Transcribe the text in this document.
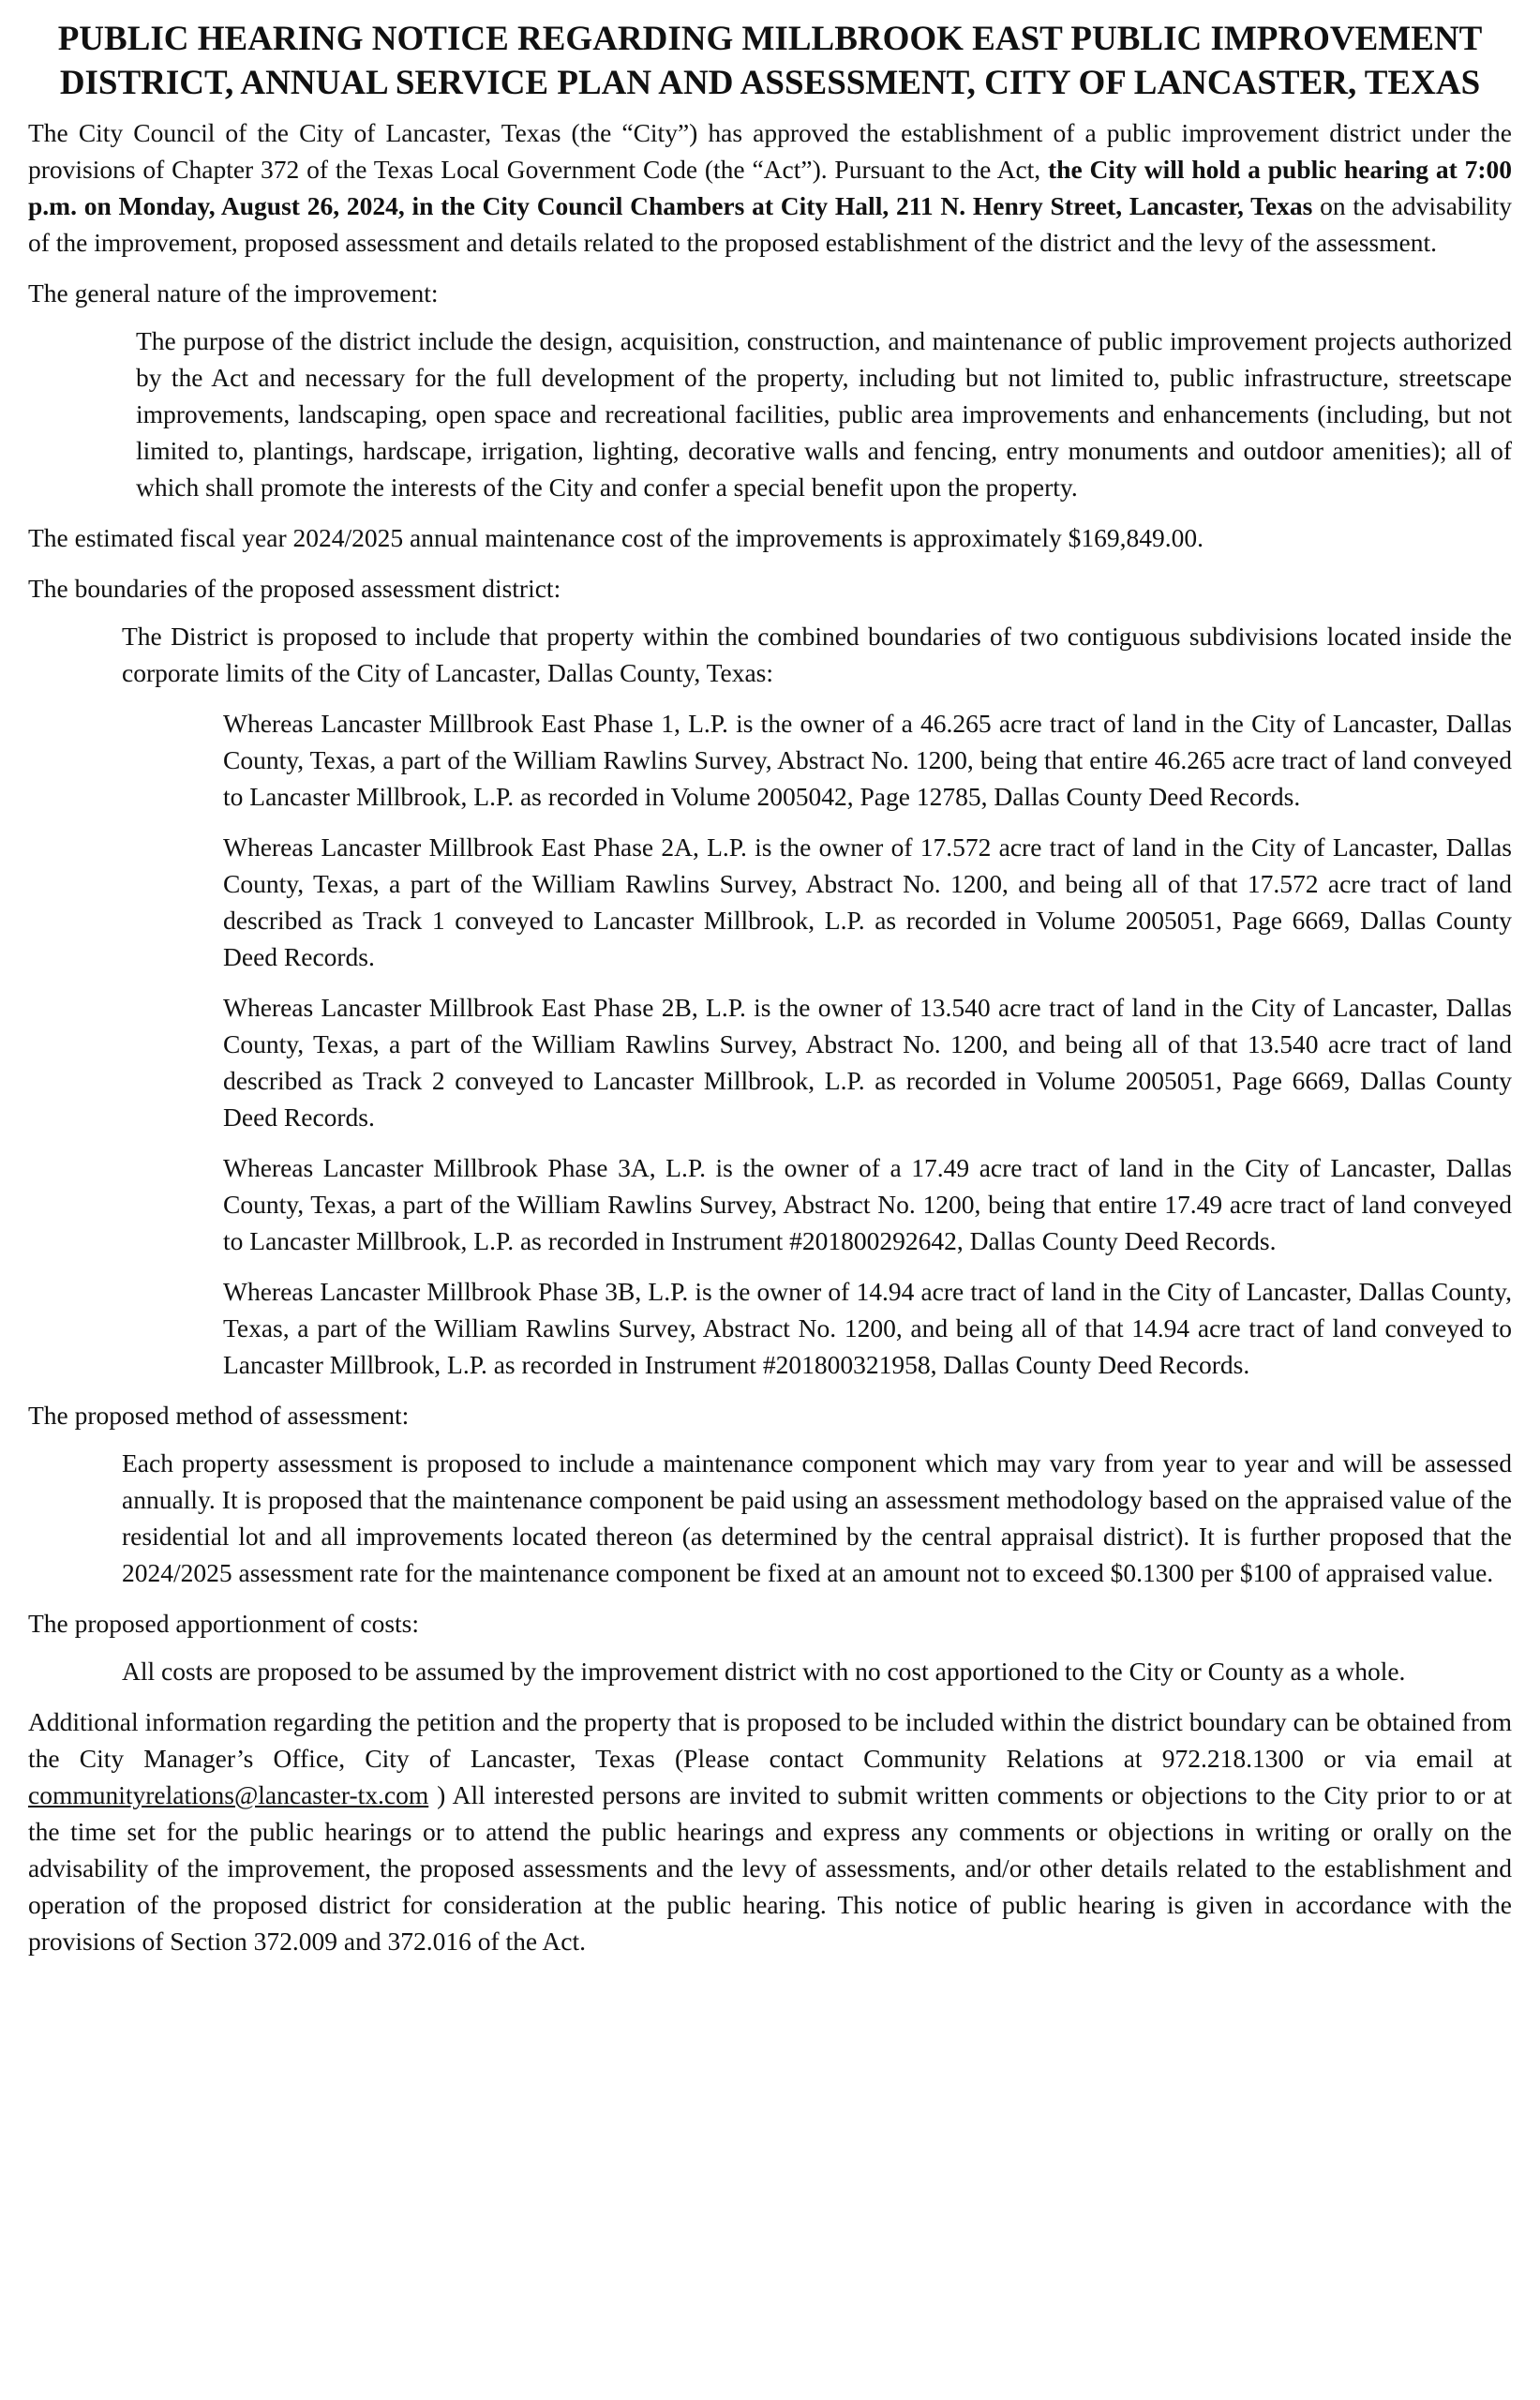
PUBLIC HEARING NOTICE REGARDING MILLBROOK EAST PUBLIC IMPROVEMENT
DISTRICT, ANNUAL SERVICE PLAN AND ASSESSMENT, CITY OF LANCASTER, TEXAS

The City Council of the City of Lancaster, Texas (the “City”) has approved the establishment of a public improvement district under the provisions of Chapter 372 of the Texas Local Government Code (the “Act”). Pursuant to the Act, the City will hold a public hearing at 7:00 p.m. on Monday, August 26, 2024, in the City Council Chambers at City Hall, 211 N. Henry Street, Lancaster, Texas on the advisability of the improvement, proposed assessment and details related to the proposed establishment of the district and the levy of the assessment.

The general nature of the improvement:

The purpose of the district include the design, acquisition, construction, and maintenance of public improvement projects authorized by the Act and necessary for the full development of the property, including but not limited to, public infrastructure, streetscape improvements, landscaping, open space and recreational facilities, public area improvements and enhancements (including, but not limited to, plantings, hardscape, irrigation, lighting, decorative walls and fencing, entry monuments and outdoor amenities); all of which shall promote the interests of the City and confer a special benefit upon the property.

The estimated fiscal year 2024/2025 annual maintenance cost of the improvements is approximately $169,849.00.

The boundaries of the proposed assessment district:

The District is proposed to include that property within the combined boundaries of two contiguous subdivisions located inside the corporate limits of the City of Lancaster, Dallas County, Texas:

Whereas Lancaster Millbrook East Phase 1, L.P. is the owner of a 46.265 acre tract of land in the City of Lancaster, Dallas County, Texas, a part of the William Rawlins Survey, Abstract No. 1200, being that entire 46.265 acre tract of land conveyed to Lancaster Millbrook, L.P. as recorded in Volume 2005042, Page 12785, Dallas County Deed Records.

Whereas Lancaster Millbrook East Phase 2A, L.P. is the owner of 17.572 acre tract of land in the City of Lancaster, Dallas County, Texas, a part of the William Rawlins Survey, Abstract No. 1200, and being all of that 17.572 acre tract of land described as Track 1 conveyed to Lancaster Millbrook, L.P. as recorded in Volume 2005051, Page 6669, Dallas County Deed Records.

Whereas Lancaster Millbrook East Phase 2B, L.P. is the owner of 13.540 acre tract of land in the City of Lancaster, Dallas County, Texas, a part of the William Rawlins Survey, Abstract No. 1200, and being all of that 13.540 acre tract of land described as Track 2 conveyed to Lancaster Millbrook, L.P. as recorded in Volume 2005051, Page 6669, Dallas County Deed Records.

Whereas Lancaster Millbrook Phase 3A, L.P. is the owner of a 17.49 acre tract of land in the City of Lancaster, Dallas County, Texas, a part of the William Rawlins Survey, Abstract No. 1200, being that entire 17.49 acre tract of land conveyed to Lancaster Millbrook, L.P. as recorded in Instrument #201800292642, Dallas County Deed Records.

Whereas Lancaster Millbrook Phase 3B, L.P. is the owner of 14.94 acre tract of land in the City of Lancaster, Dallas County, Texas, a part of the William Rawlins Survey, Abstract No. 1200, and being all of that 14.94 acre tract of land conveyed to Lancaster Millbrook, L.P. as recorded in Instrument #201800321958, Dallas County Deed Records.

The proposed method of assessment:

Each property assessment is proposed to include a maintenance component which may vary from year to year and will be assessed annually. It is proposed that the maintenance component be paid using an assessment methodology based on the appraised value of the residential lot and all improvements located thereon (as determined by the central appraisal district). It is further proposed that the 2024/2025 assessment rate for the maintenance component be fixed at an amount not to exceed $0.1300 per $100 of appraised value.

The proposed apportionment of costs:

All costs are proposed to be assumed by the improvement district with no cost apportioned to the City or County as a whole.

Additional information regarding the petition and the property that is proposed to be included within the district boundary can be obtained from the City Manager’s Office, City of Lancaster, Texas (Please contact Community Relations at 972.218.1300 or via email at communityrelations@lancaster-tx.com ) All interested persons are invited to submit written comments or objections to the City prior to or at the time set for the public hearings or to attend the public hearings and express any comments or objections in writing or orally on the advisability of the improvement, the proposed assessments and the levy of assessments, and/or other details related to the establishment and operation of the proposed district for consideration at the public hearing. This notice of public hearing is given in accordance with the provisions of Section 372.009 and 372.016 of the Act.
